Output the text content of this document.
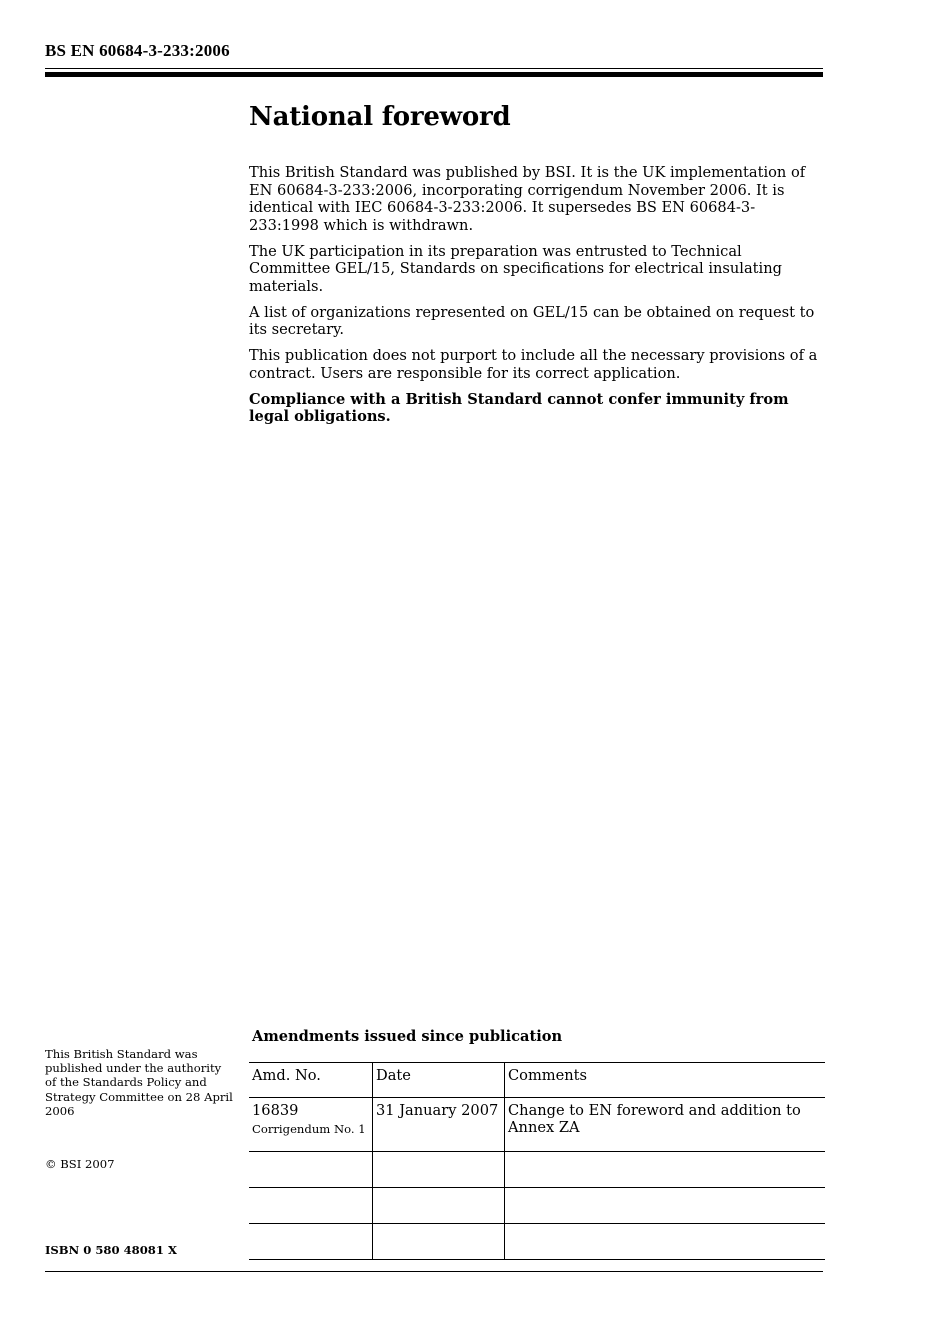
BS EN 60684-3-233:2006
National foreword

This British Standard was published by BSI. It is the UK implementation of EN 60684-3-233:2006, incorporating corrigendum November 2006. It is identical with IEC 60684-3-233:2006. It supersedes BS EN 60684-3-233:1998 which is withdrawn.

The UK participation in its preparation was entrusted to Technical Committee GEL/15, Standards on specifications for electrical insulating materials.

A list of organizations represented on GEL/15 can be obtained on request to its secretary.

This publication does not purport to include all the necessary provisions of a contract. Users are responsible for its correct application.

Compliance with a British Standard cannot confer immunity from legal obligations.

This British Standard was published under the authority of the Standards Policy and Strategy Committee on 28 April 2006
© BSI 2007
ISBN 0 580 48081 X
Amendments issued since publication
Amd. No.	Date	Comments
16839
Corrigendum No. 1	31 January 2007	Change to EN foreword and addition to Annex ZA
